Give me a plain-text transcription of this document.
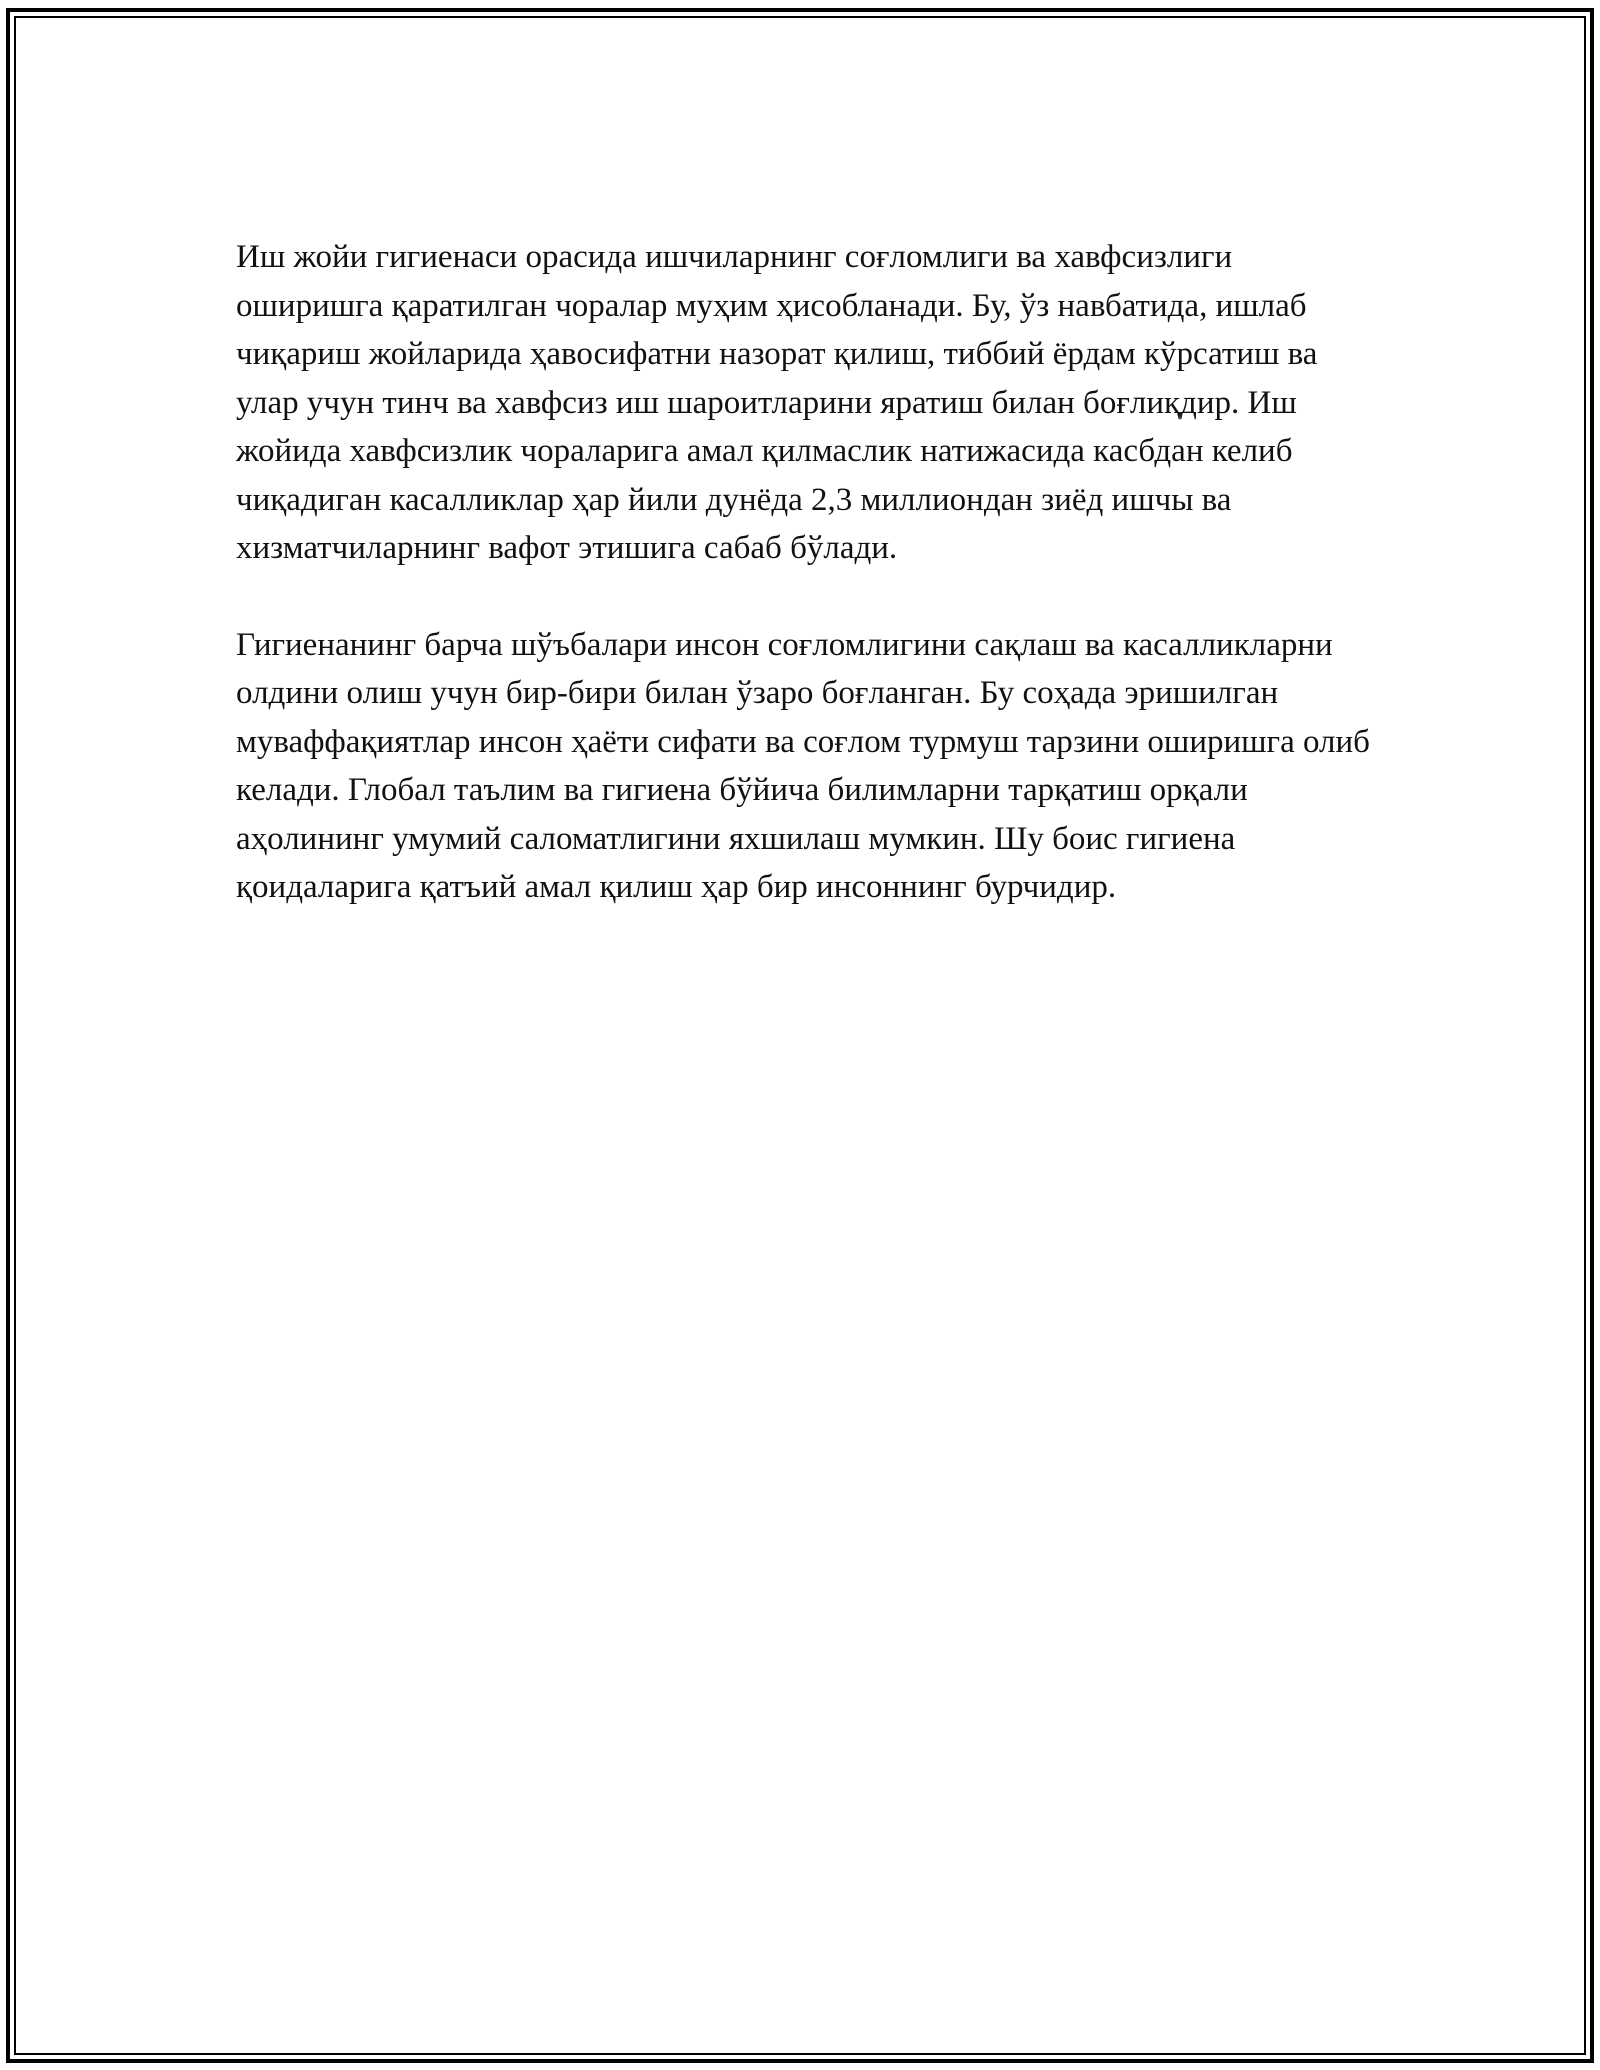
Иш жойи гигиенаси орасида ишчиларнинг соғломлиги ва хавфсизлиги оширишга қаратилган чоралар муҳим ҳисобланади. Бу, ўз навбатида, ишлаб чиқариш жойларида ҳавосифатни назорат қилиш, тиббий ёрдам кўрсатиш ва улар учун тинч ва хавфсиз иш шароитларини яратиш билан боғлиқдир. Иш жойида хавфсизлик чораларига амал қилмаслик натижасида касбдан келиб чиқадиган касалликлар ҳар йили дунёда 2,3 миллиондан зиёд ишчы ва хизматчиларнинг вафот этишига сабаб бўлади.

Гигиенанинг барча шўъбалари инсон соғломлигини сақлаш ва касалликларни олдини олиш учун бир-бири билан ўзаро боғланган. Бу соҳада эришилган муваффақиятлар инсон ҳаёти сифати ва соғлом турмуш тарзини оширишга олиб келади. Глобал таълим ва гигиена бўйича билимларни тарқатиш орқали аҳолининг умумий саломатлигини яхшилаш мумкин. Шу боис гигиена қоидаларига қатъий амал қилиш ҳар бир инсоннинг бурчидир.
